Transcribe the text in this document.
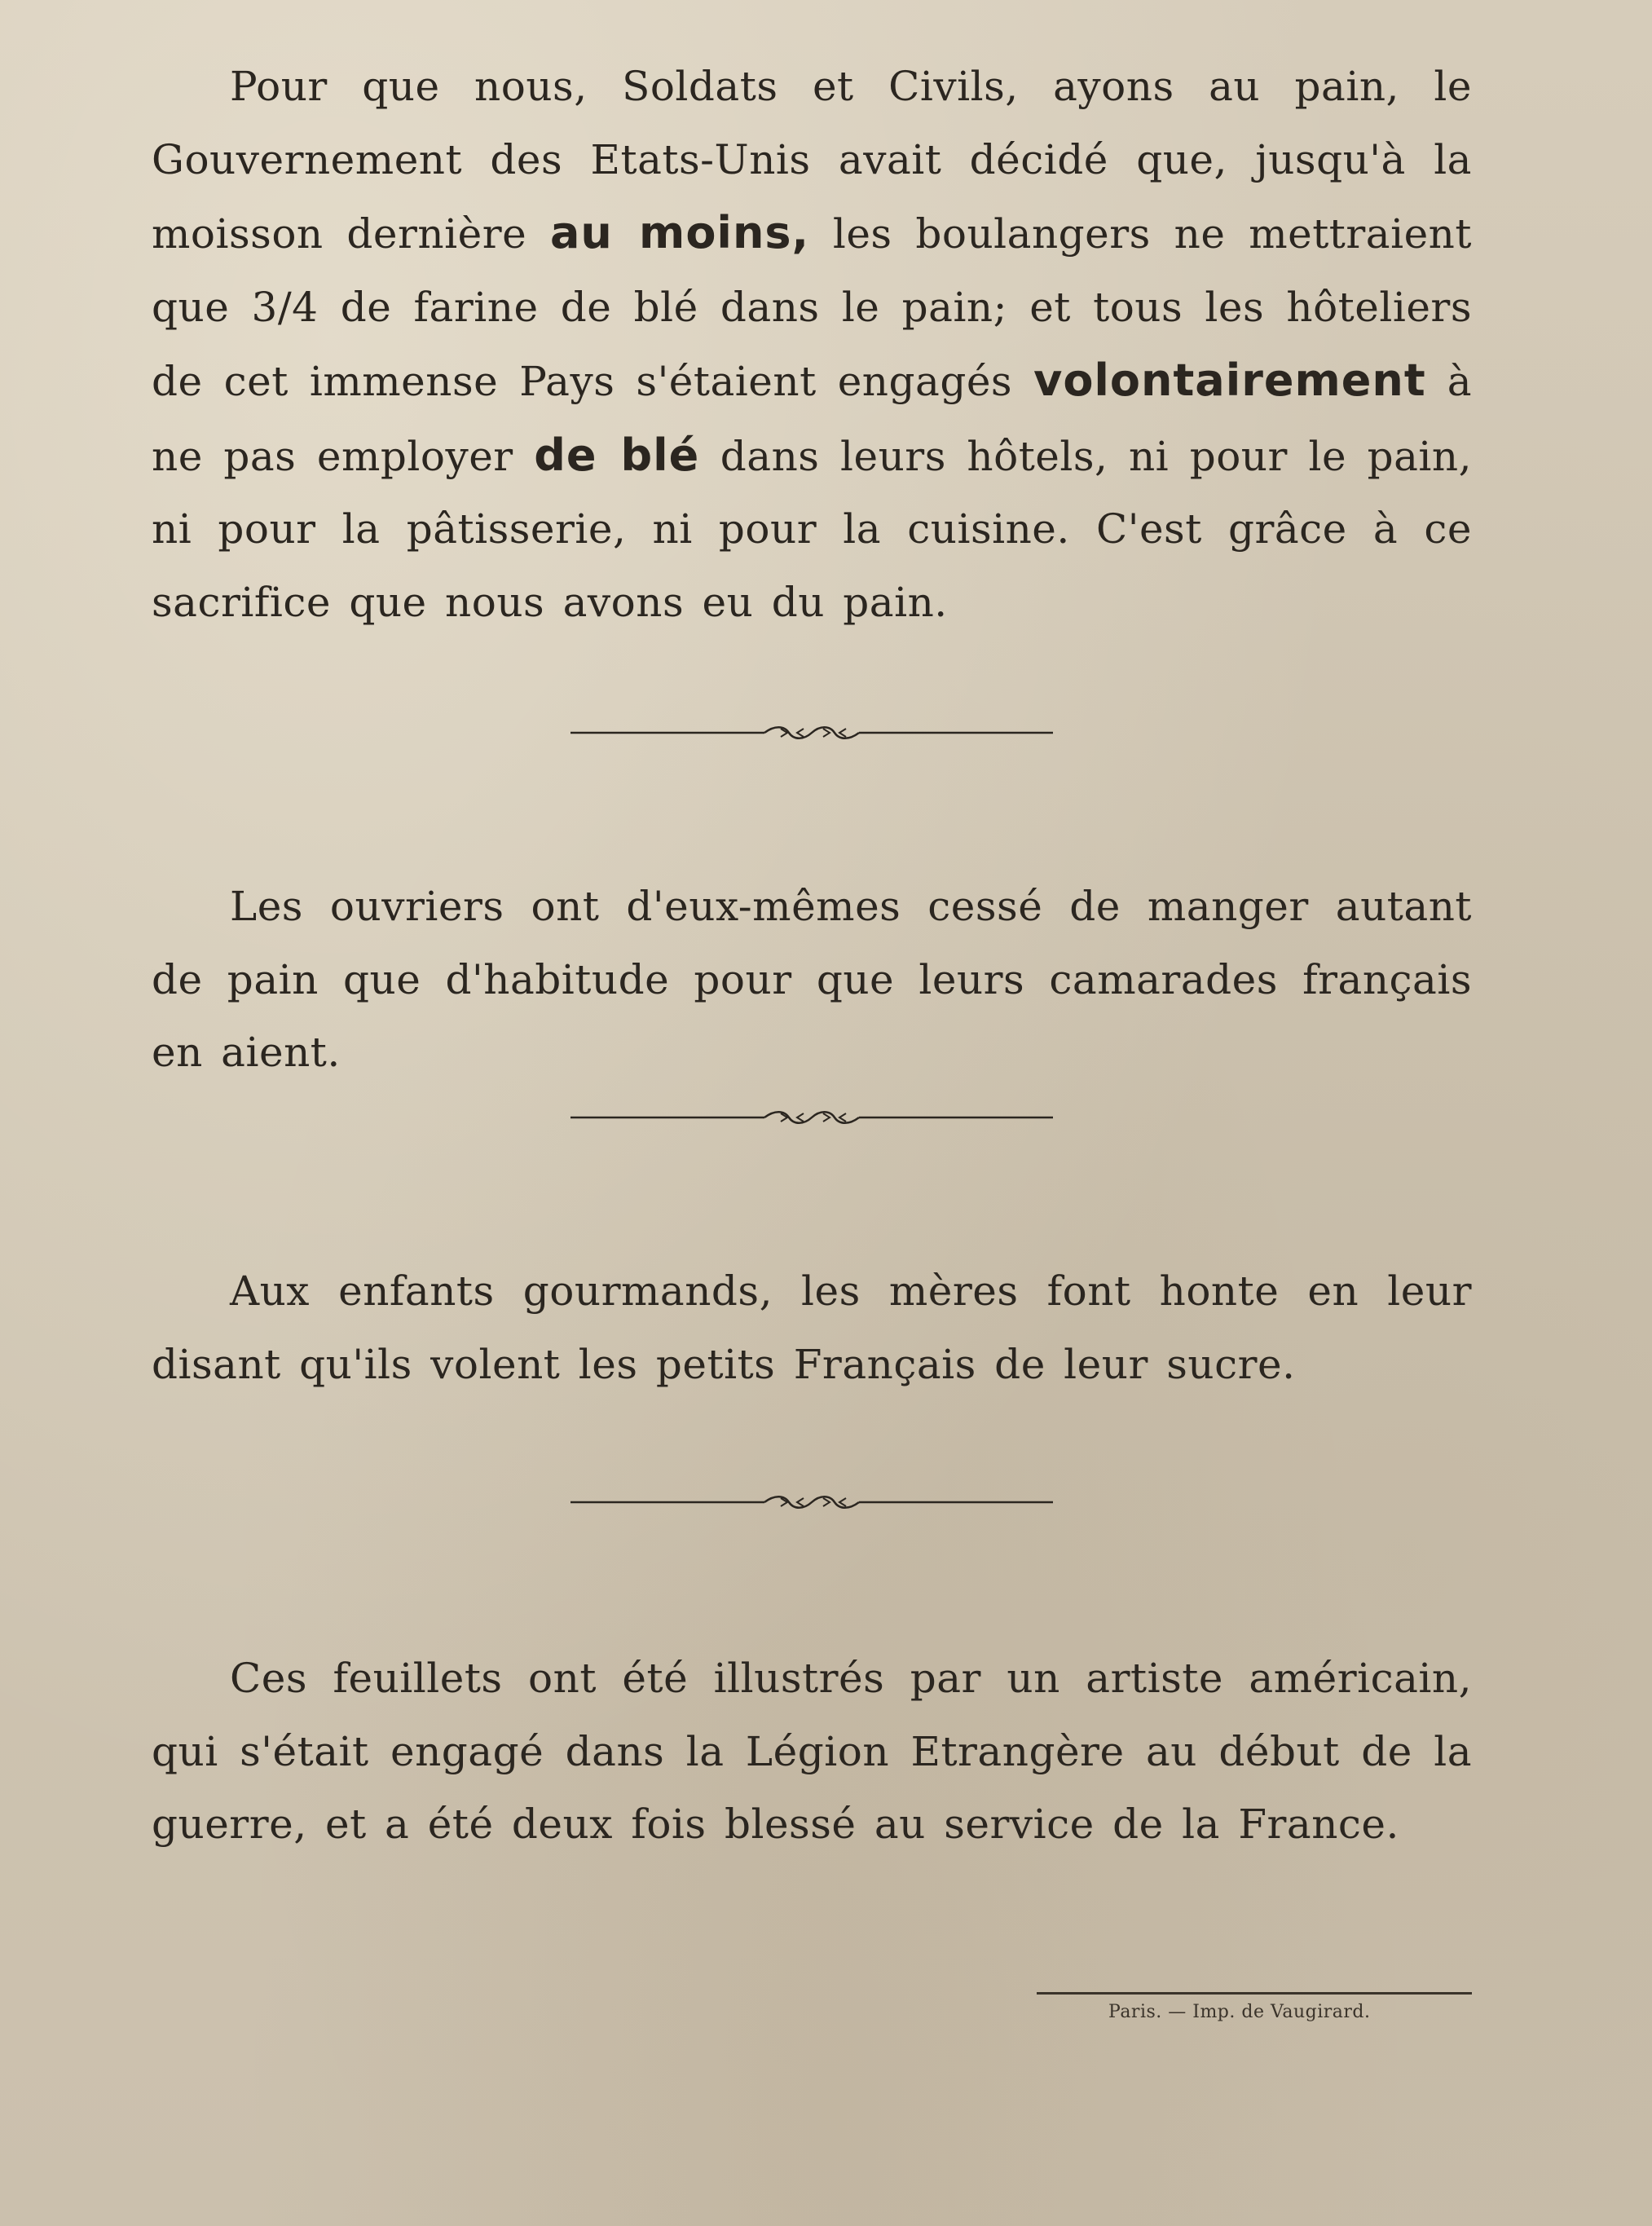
Pour que nous, Soldats et Civils, ayons au pain, le Gouvernement des Etats-Unis avait décidé que, jusqu'à la moisson dernière au moins, les boulangers ne mettraient que 3/4 de farine de blé dans le pain; et tous les hôteliers de cet immense Pays s'étaient engagés volontairement à ne pas employer de blé dans leurs hôtels, ni pour le pain, ni pour la pâtisserie, ni pour la cuisine. C'est grâce à ce sacrifice que nous avons eu du pain.

Les ouvriers ont d'eux-mêmes cessé de manger autant de pain que d'habitude pour que leurs camarades français en aient.

Aux enfants gourmands, les mères font honte en leur disant qu'ils volent les petits Français de leur sucre.

Ces feuillets ont été illustrés par un artiste américain, qui s'était engagé dans la Légion Etrangère au début de la guerre, et a été deux fois blessé au service de la France.

Paris. — Imp. de Vaugirard.
